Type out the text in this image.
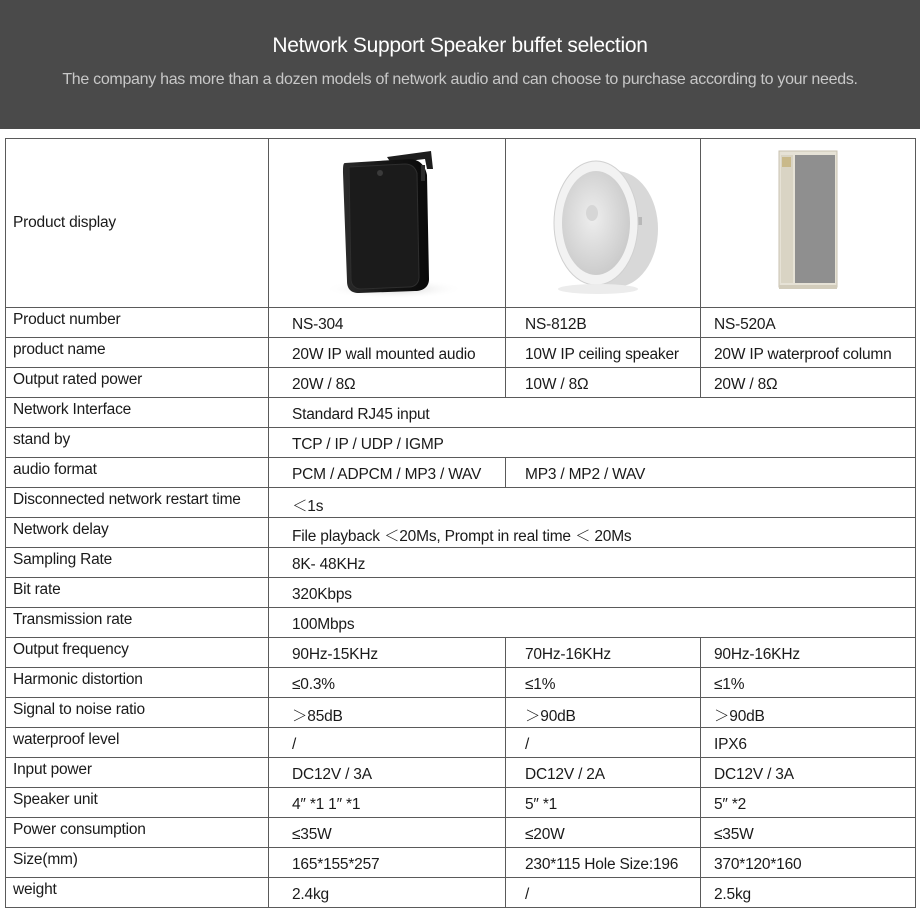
Network Support Speaker buffet selection
The company has more than a dozen models of network audio and can choose to purchase according to your needs.
Product display	

Product number	NS-304	NS-812B	NS-520A
product name	20W IP wall mounted audio	10W IP ceiling speaker	20W IP waterproof column
Output rated power	20W / 8Ω	10W / 8Ω	20W / 8Ω
Network Interface	Standard RJ45 input		
stand by	TCP / IP / UDP / IGMP		
audio format	PCM / ADPCM / MP3 / WAV	MP3 / MP2 / WAV	
Disconnected network restart time	＜1s		
Network delay	File playback ＜20Ms, Prompt in real time ＜ 20Ms		
Sampling Rate	8K- 48KHz		
Bit rate	320Kbps		
Transmission rate	100Mbps		
Output frequency	90Hz-15KHz	70Hz-16KHz	90Hz-16KHz
Harmonic distortion	≤0.3%	≤1%	≤1%
Signal to noise ratio	＞85dB	＞90dB	＞90dB
waterproof level	/	/	IPX6
Input power	DC12V / 3A	DC12V / 2A	DC12V / 3A
Speaker unit	4″ *1 1″ *1	5″ *1	5″ *2
Power consumption	≤35W	≤20W	≤35W
Size(mm)	165*155*257	230*115 Hole Size:196	370*120*160
weight	2.4kg	/	2.5kg
